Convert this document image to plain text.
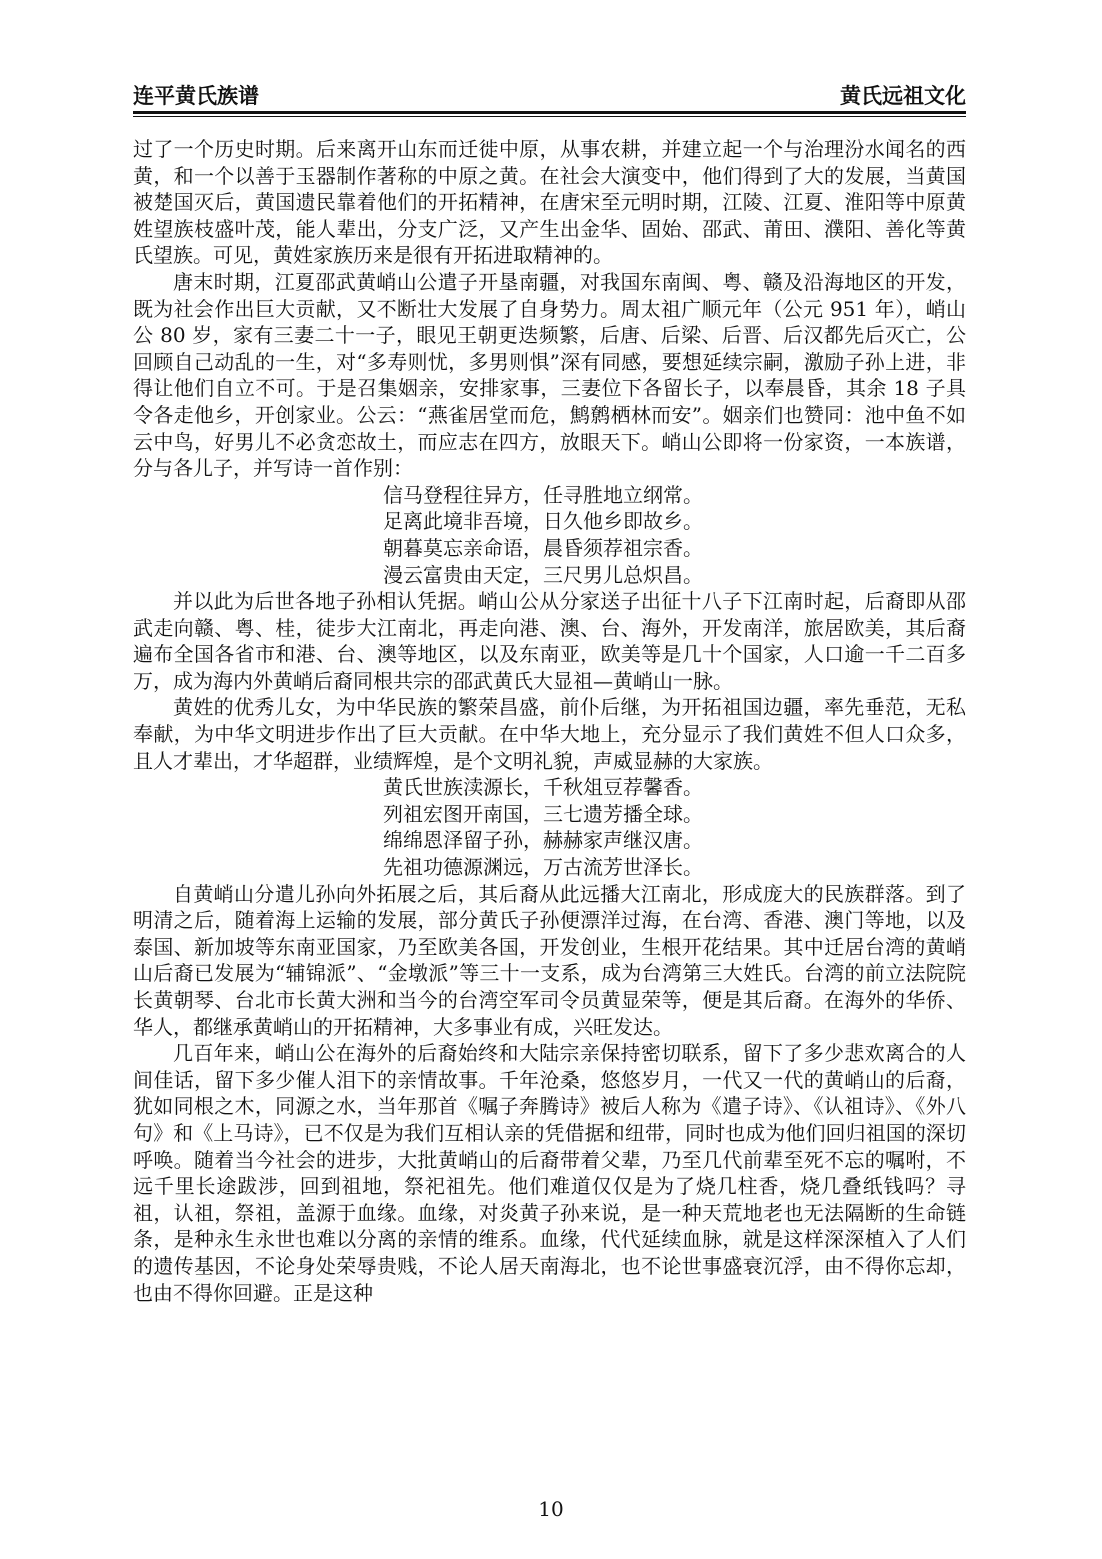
连平黄氏族谱	黄氏远祖文化

过了一个历史时期。后来离开山东而迁徙中原，从事农耕，并建立起一个与治理汾水闻名的西黄，和一个以善于玉器制作著称的中原之黄。在社会大演变中，他们得到了大的发展，当黄国被楚国灭后，黄国遗民靠着他们的开拓精神，在唐宋至元明时期，江陵、江夏、淮阳等中原黄姓望族枝盛叶茂，能人辈出，分支广泛，又产生出金华、固始、邵武、莆田、濮阳、善化等黄氏望族。可见，黄姓家族历来是很有开拓进取精神的。

唐末时期，江夏邵武黄峭山公遣子开垦南疆，对我国东南闽、粤、赣及沿海地区的开发，既为社会作出巨大贡献，又不断壮大发展了自身势力。周太祖广顺元年（公元 951 年），峭山公 80 岁，家有三妻二十一子，眼见王朝更迭频繁，后唐、后梁、后晋、后汉都先后灭亡，公回顾自己动乱的一生，对“多寿则忧，多男则惧”深有同感，要想延续宗嗣，激励子孙上进，非得让他们自立不可。于是召集姻亲，安排家事，三妻位下各留长子，以奉晨昏，其余 18 子具令各走他乡，开创家业。公云：“燕雀居堂而危，鹪鹩栖林而安”。姻亲们也赞同：池中鱼不如云中鸟，好男儿不必贪恋故土，而应志在四方，放眼天下。峭山公即将一份家资，一本族谱，分与各儿子，并写诗一首作别：

信马登程往异方，任寻胜地立纲常。
足离此境非吾境，日久他乡即故乡。
朝暮莫忘亲命语，晨昏须荐祖宗香。
漫云富贵由天定，三尺男儿总炽昌。

并以此为后世各地子孙相认凭据。峭山公从分家送子出征十八子下江南时起，后裔即从邵武走向赣、粤、桂，徒步大江南北，再走向港、澳、台、海外，开发南洋，旅居欧美，其后裔遍布全国各省市和港、台、澳等地区，以及东南亚，欧美等是几十个国家，人口逾一千二百多万，成为海内外黄峭后裔同根共宗的邵武黄氏大显祖—黄峭山一脉。

黄姓的优秀儿女，为中华民族的繁荣昌盛，前仆后继，为开拓祖国边疆，率先垂范，无私奉献，为中华文明进步作出了巨大贡献。在中华大地上，充分显示了我们黄姓不但人口众多，且人才辈出，才华超群，业绩辉煌，是个文明礼貌，声威显赫的大家族。

黄氏世族渎源长，千秋俎豆荐馨香。
列祖宏图开南国，三七遗芳播全球。
绵绵恩泽留子孙，赫赫家声继汉唐。
先祖功德源渊远，万古流芳世泽长。

自黄峭山分遣儿孙向外拓展之后，其后裔从此远播大江南北，形成庞大的民族群落。到了明清之后，随着海上运输的发展，部分黄氏子孙便漂洋过海，在台湾、香港、澳门等地，以及泰国、新加坡等东南亚国家，乃至欧美各国，开发创业，生根开花结果。其中迁居台湾的黄峭山后裔已发展为“辅锦派”、“金墩派”等三十一支系，成为台湾第三大姓氏。台湾的前立法院院长黄朝琴、台北市长黄大洲和当今的台湾空军司令员黄显荣等，便是其后裔。在海外的华侨、华人，都继承黄峭山的开拓精神，大多事业有成，兴旺发达。

几百年来，峭山公在海外的后裔始终和大陆宗亲保持密切联系，留下了多少悲欢离合的人间佳话，留下多少催人泪下的亲情故事。千年沧桑，悠悠岁月，一代又一代的黄峭山的后裔，犹如同根之木，同源之水，当年那首《嘱子奔腾诗》被后人称为《遣子诗》、《认祖诗》、《外八句》和《上马诗》，已不仅是为我们互相认亲的凭借据和纽带，同时也成为他们回归祖国的深切呼唤。随着当今社会的进步，大批黄峭山的后裔带着父辈，乃至几代前辈至死不忘的嘱咐，不远千里长途跋涉，回到祖地，祭祀祖先。他们难道仅仅是为了烧几柱香，烧几叠纸钱吗？寻祖，认祖，祭祖，盖源于血缘。血缘，对炎黄子孙来说，是一种天荒地老也无法隔断的生命链条，是种永生永世也难以分离的亲情的维系。血缘，代代延续血脉，就是这样深深植入了人们的遗传基因，不论身处荣辱贵贱，不论人居天南海北，也不论世事盛衰沉浮，由不得你忘却，也由不得你回避。正是这种

10
